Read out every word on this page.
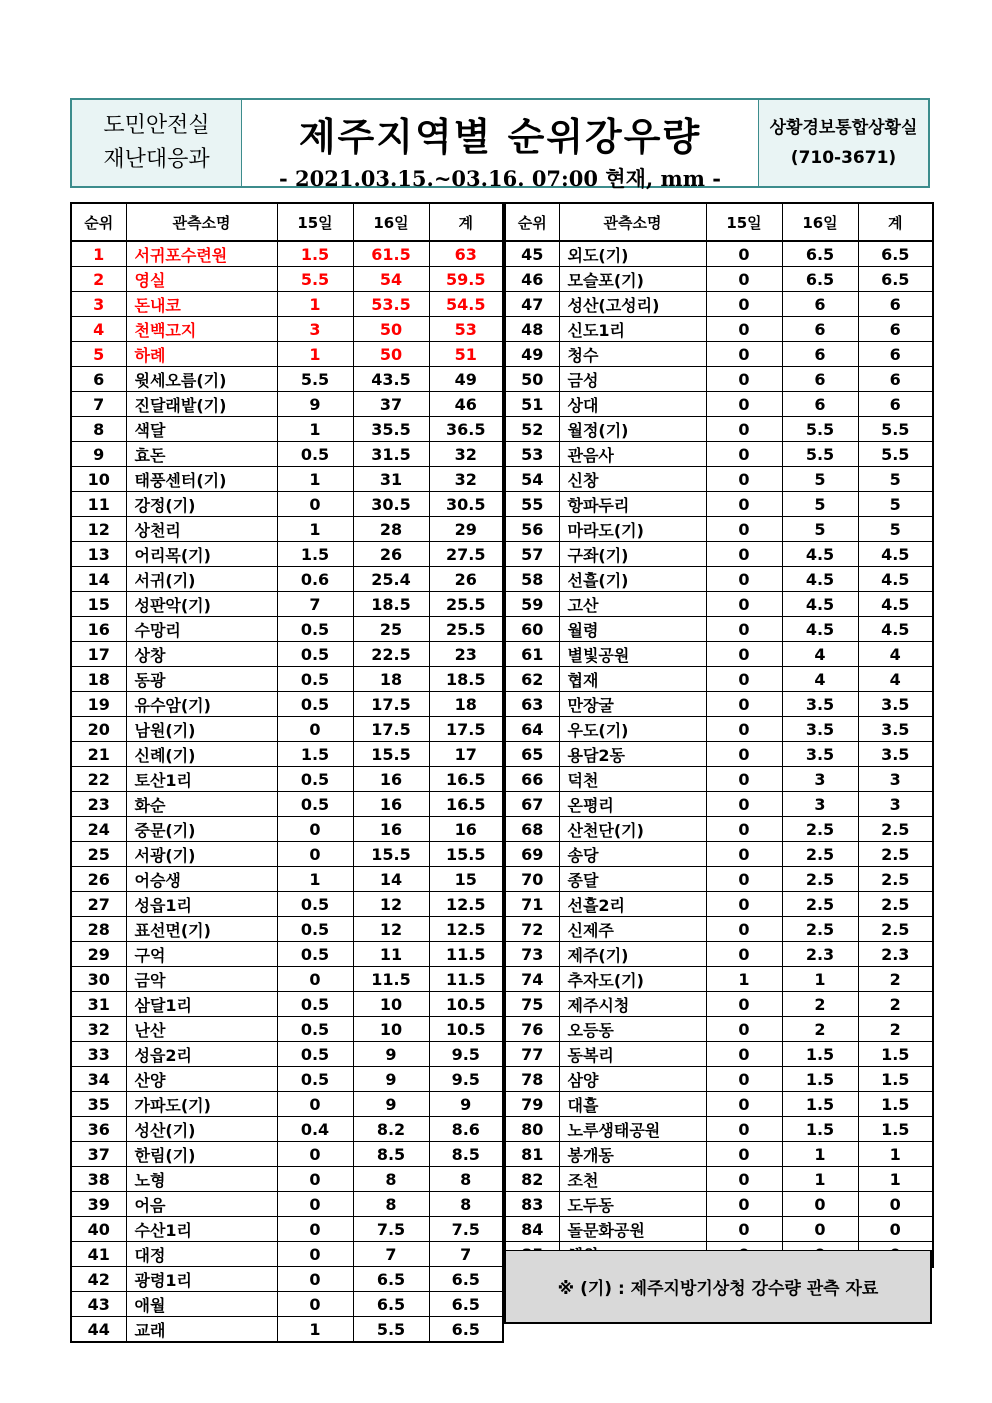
도민안전실
재난대응과
제주지역별 순위강우량
- 2021.03.15.~03.16. 07:00 현재, mm -
상황경보통합상황실
(710-3671)
순위	관측소명	15일	16일	계
1	서귀포수련원	1.5	61.5	63
2	영실	5.5	54	59.5
3	돈내코	1	53.5	54.5
4	천백고지	3	50	53
5	하례	1	50	51
6	윗세오름(기)	5.5	43.5	49
7	진달래밭(기)	9	37	46
8	색달	1	35.5	36.5
9	효돈	0.5	31.5	32
10	태풍센터(기)	1	31	32
11	강정(기)	0	30.5	30.5
12	상천리	1	28	29
13	어리목(기)	1.5	26	27.5
14	서귀(기)	0.6	25.4	26
15	성판악(기)	7	18.5	25.5
16	수망리	0.5	25	25.5
17	상창	0.5	22.5	23
18	동광	0.5	18	18.5
19	유수암(기)	0.5	17.5	18
20	남원(기)	0	17.5	17.5
21	신례(기)	1.5	15.5	17
22	토산1리	0.5	16	16.5
23	화순	0.5	16	16.5
24	중문(기)	0	16	16
25	서광(기)	0	15.5	15.5
26	어승생	1	14	15
27	성읍1리	0.5	12	12.5
28	표선면(기)	0.5	12	12.5
29	구억	0.5	11	11.5
30	금악	0	11.5	11.5
31	삼달1리	0.5	10	10.5
32	난산	0.5	10	10.5
33	성읍2리	0.5	9	9.5
34	산양	0.5	9	9.5
35	가파도(기)	0	9	9
36	성산(기)	0.4	8.2	8.6
37	한림(기)	0	8.5	8.5
38	노형	0	8	8
39	어음	0	8	8
40	수산1리	0	7.5	7.5
41	대정	0	7	7
42	광령1리	0	6.5	6.5
43	애월	0	6.5	6.5
44	교래	1	5.5	6.5
순위	관측소명	15일	16일	계
45	외도(기)	0	6.5	6.5
46	모슬포(기)	0	6.5	6.5
47	성산(고성리)	0	6	6
48	신도1리	0	6	6
49	청수	0	6	6
50	금성	0	6	6
51	상대	0	6	6
52	월정(기)	0	5.5	5.5
53	관음사	0	5.5	5.5
54	신창	0	5	5
55	항파두리	0	5	5
56	마라도(기)	0	5	5
57	구좌(기)	0	4.5	4.5
58	선흘(기)	0	4.5	4.5
59	고산	0	4.5	4.5
60	월령	0	4.5	4.5
61	별빛공원	0	4	4
62	협재	0	4	4
63	만장굴	0	3.5	3.5
64	우도(기)	0	3.5	3.5
65	용담2동	0	3.5	3.5
66	덕천	0	3	3
67	온평리	0	3	3
68	산천단(기)	0	2.5	2.5
69	송당	0	2.5	2.5
70	종달	0	2.5	2.5
71	선흘2리	0	2.5	2.5
72	신제주	0	2.5	2.5
73	제주(기)	0	2.3	2.3
74	추자도(기)	1	1	2
75	제주시청	0	2	2
76	오등동	0	2	2
77	동복리	0	1.5	1.5
78	삼양	0	1.5	1.5
79	대흘	0	1.5	1.5
80	노루생태공원	0	1.5	1.5
81	봉개동	0	1	1
82	조천	0	1	1
83	도두동	0	0	0
84	돌문화공원	0	0	0

※ (기) : 제주지방기상청 강수량 관측 자료
